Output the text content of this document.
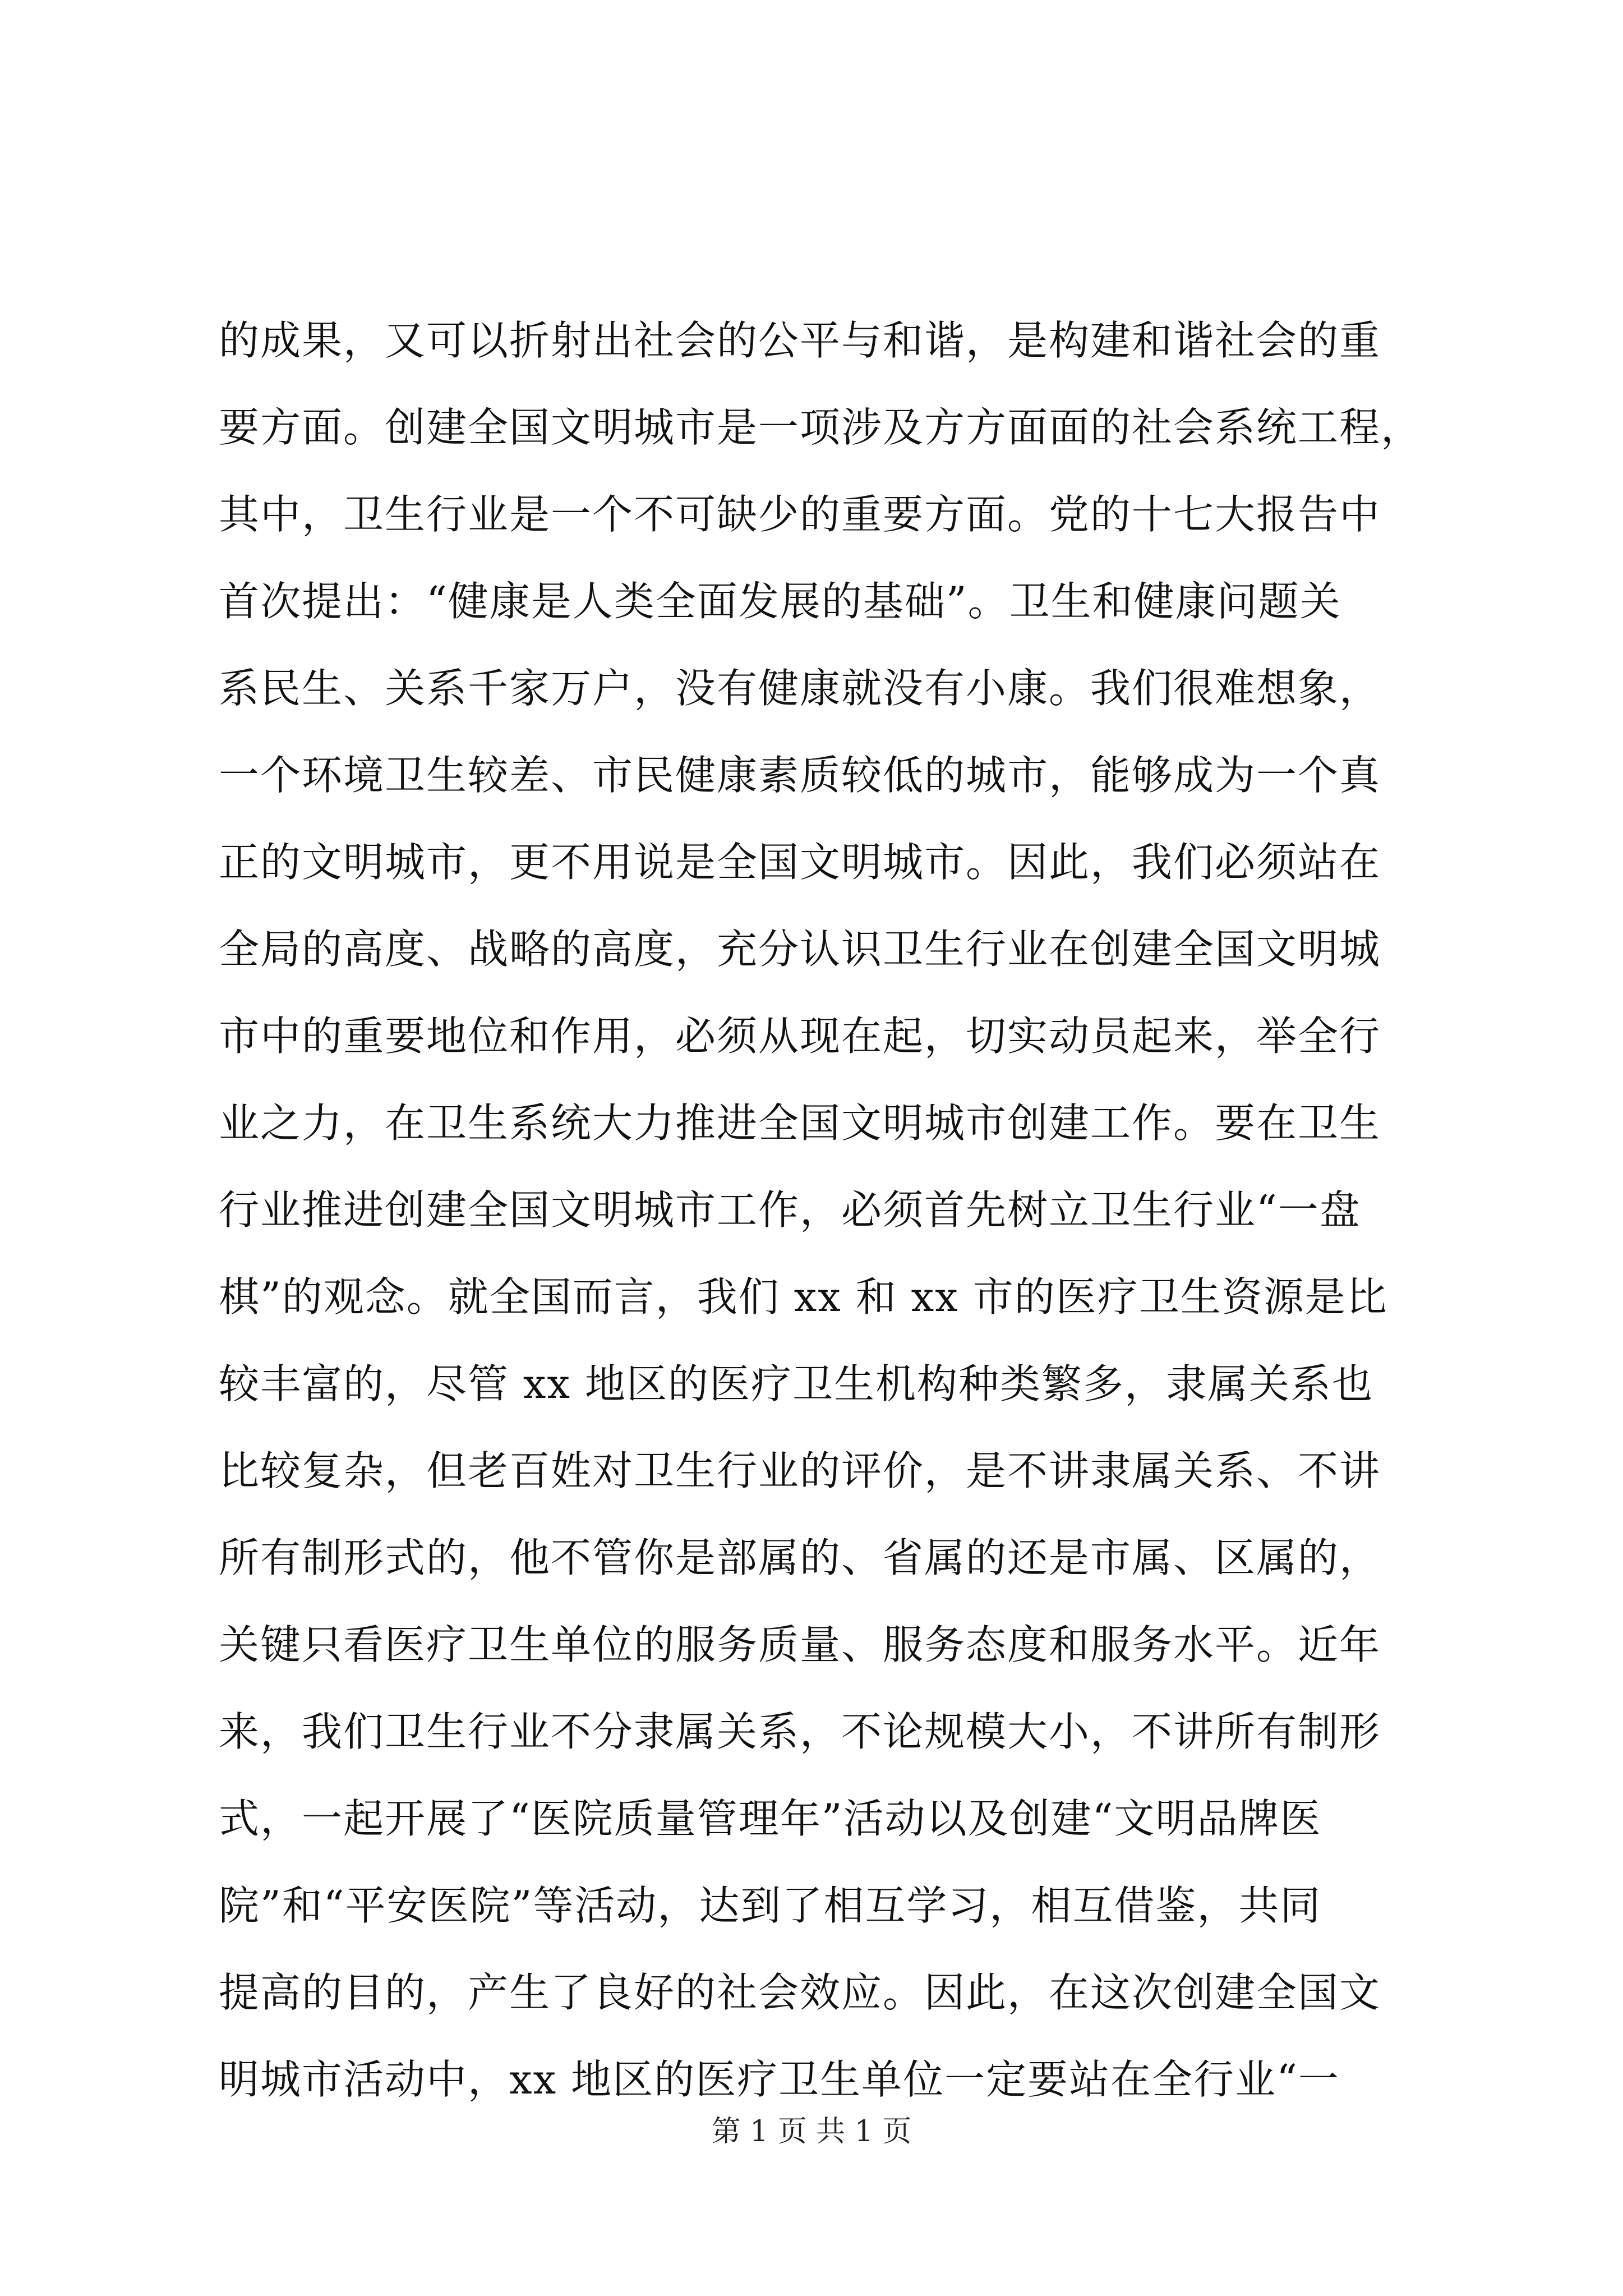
的成果，又可以折射出社会的公平与和谐，是构建和谐社会的重
要方面。创建全国文明城市是一项涉及方方面面的社会系统工程，
其中，卫生行业是一个不可缺少的重要方面。党的十七大报告中
首次提出：“健康是人类全面发展的基础”。卫生和健康问题关
系民生、关系千家万户，没有健康就没有小康。我们很难想象，
一个环境卫生较差、市民健康素质较低的城市，能够成为一个真
正的文明城市，更不用说是全国文明城市。因此，我们必须站在
全局的高度、战略的高度，充分认识卫生行业在创建全国文明城
市中的重要地位和作用，必须从现在起，切实动员起来，举全行
业之力，在卫生系统大力推进全国文明城市创建工作。要在卫生
行业推进创建全国文明城市工作，必须首先树立卫生行业“一盘
棋”的观念。就全国而言，我们 xx 和 xx 市的医疗卫生资源是比
较丰富的，尽管 xx 地区的医疗卫生机构种类繁多，隶属关系也
比较复杂，但老百姓对卫生行业的评价，是不讲隶属关系、不讲
所有制形式的，他不管你是部属的、省属的还是市属、区属的，
关键只看医疗卫生单位的服务质量、服务态度和服务水平。近年
来，我们卫生行业不分隶属关系，不论规模大小，不讲所有制形
式，一起开展了“医院质量管理年”活动以及创建“文明品牌医
院”和“平安医院”等活动，达到了相互学习，相互借鉴，共同
提高的目的，产生了良好的社会效应。因此，在这次创建全国文
明城市活动中，xx 地区的医疗卫生单位一定要站在全行业“一
第 1 页 共 1 页
